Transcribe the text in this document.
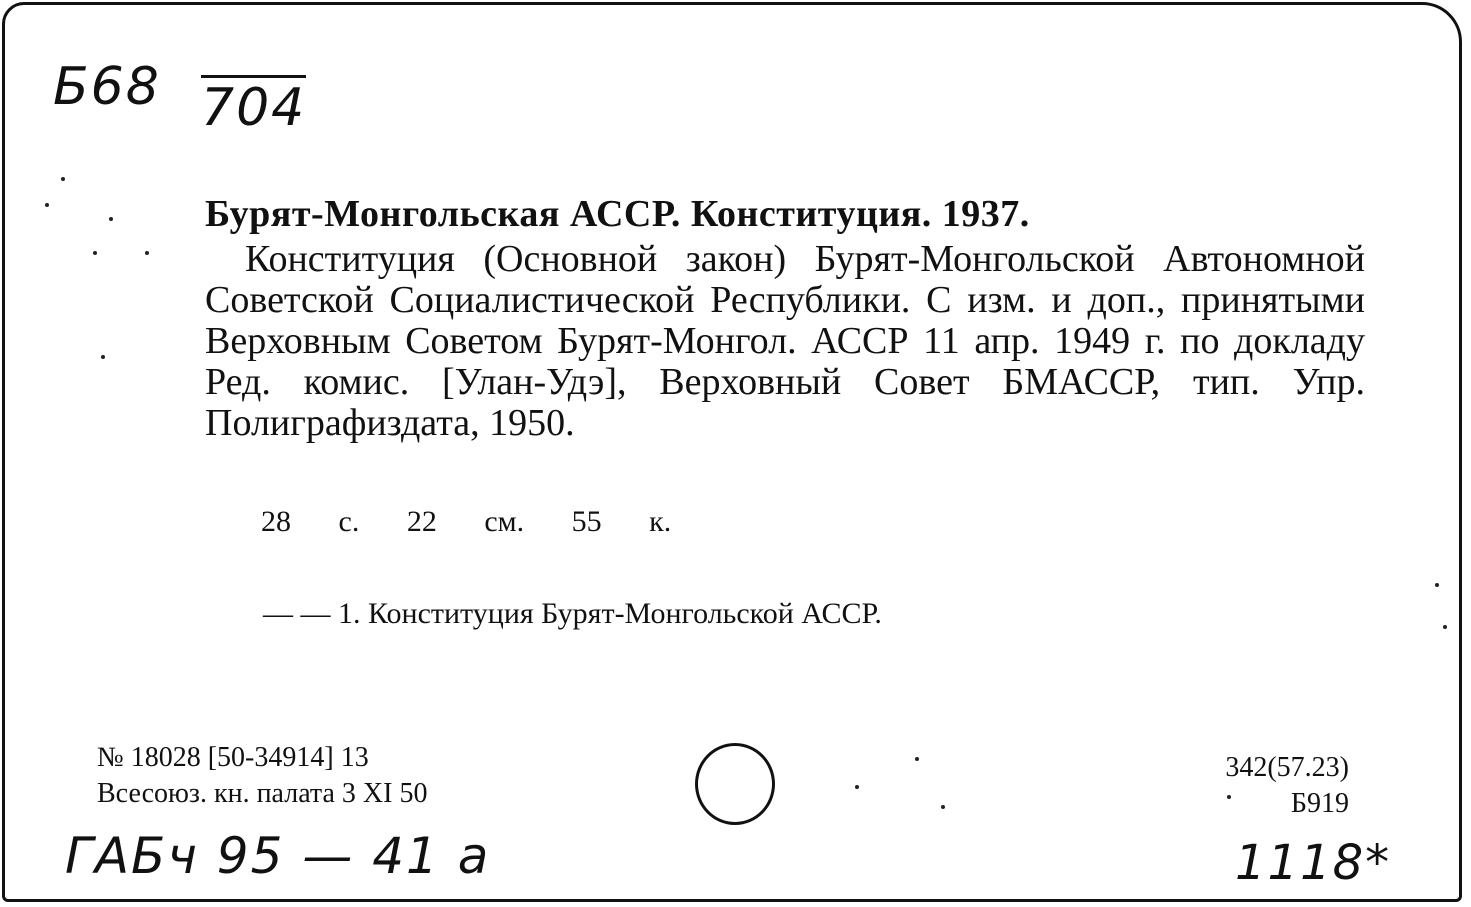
Б68 704
Бурят-Монгольская АССР. Конституция. 1937.
Конституция (Основной закон) Бурят-Монгольской Автономной Советской Социалистической Республики. С изм. и доп., принятыми Верховным Советом Бурят-Монгол. АССР 11 апр. 1949 г. по докладу Ред. комис. [Улан-Удэ], Верховный Совет БМАССР, тип. Упр. Полиграфиздата, 1950.
28 с. 22 см. 55 к.
— — 1. Конституция Бурят-Монгольской АССР.
№ 18028 [50-34914] 13
Всесоюз. кн. палата 3 XI 50
342(57.23)
Б919
ГАБч 95 — 41 а	1118*
